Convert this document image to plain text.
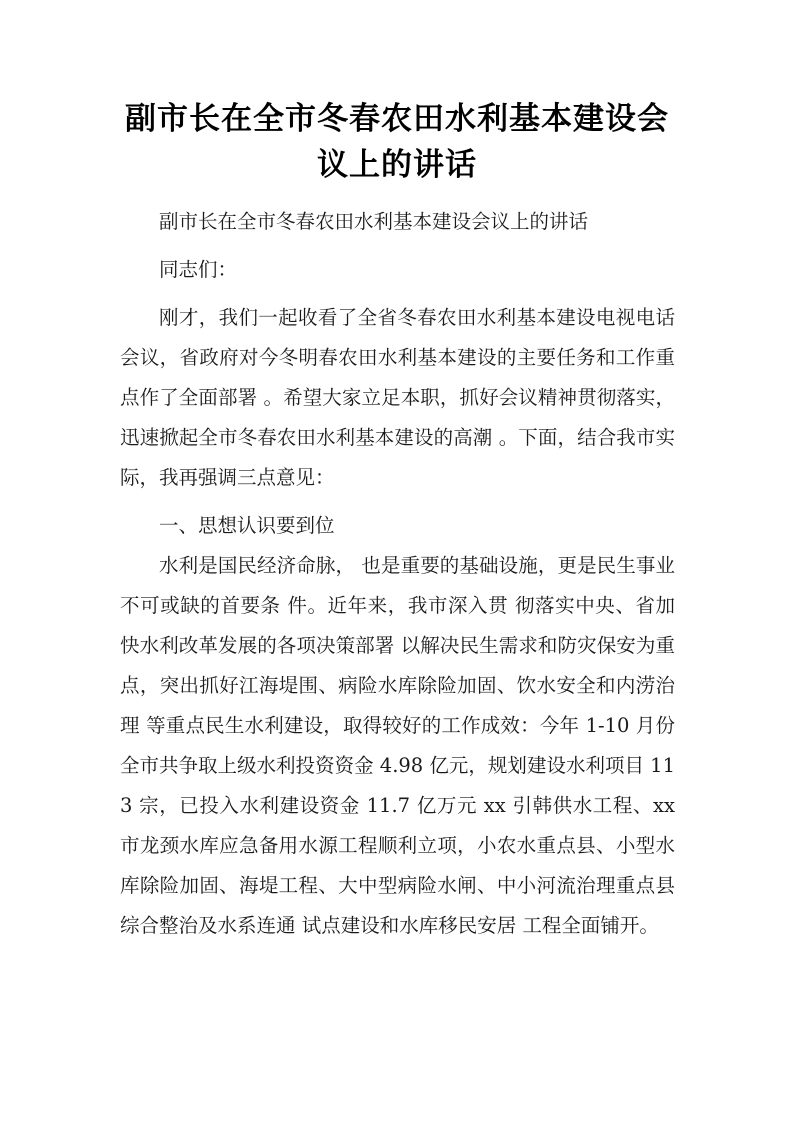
副市长在全市冬春农田水利基本建设会议上的讲话

副市长在全市冬春农田水利基本建设会议上的讲话

同志们：

刚才，我们一起收看了全省冬春农田水利基本建设电视电话会议，省政府对今冬明春农田水利基本建设的主要任务和工作重点作了全面部署 。希望大家立足本职，抓好会议精神贯彻落实，迅速掀起全市冬春农田水利基本建设的高潮 。下面，结合我市实际，我再强调三点意见：

一、思想认识要到位

水利是国民经济命脉， 也是重要的基础设施，更是民生事业不可或缺的首要条 件。近年来，我市深入贯 彻落实中央、省加快水利改革发展的各项决策部署 以解决民生需求和防灾保安为重点，突出抓好江海堤围、病险水库除险加固、饮水安全和内涝治理 等重点民生水利建设，取得较好的工作成效：今年 1-10 月份全市共争取上级水利投资资金 4.98 亿元，规划建设水利项目 113 宗，已投入水利建设资金 11.7 亿万元 xx 引韩供水工程、xx 市龙颈水库应急备用水源工程顺利立项，小农水重点县、小型水库除险加固、海堤工程、大中型病险水闸、中小河流治理重点县综合整治及水系连通 试点建设和水库移民安居 工程全面铺开。
